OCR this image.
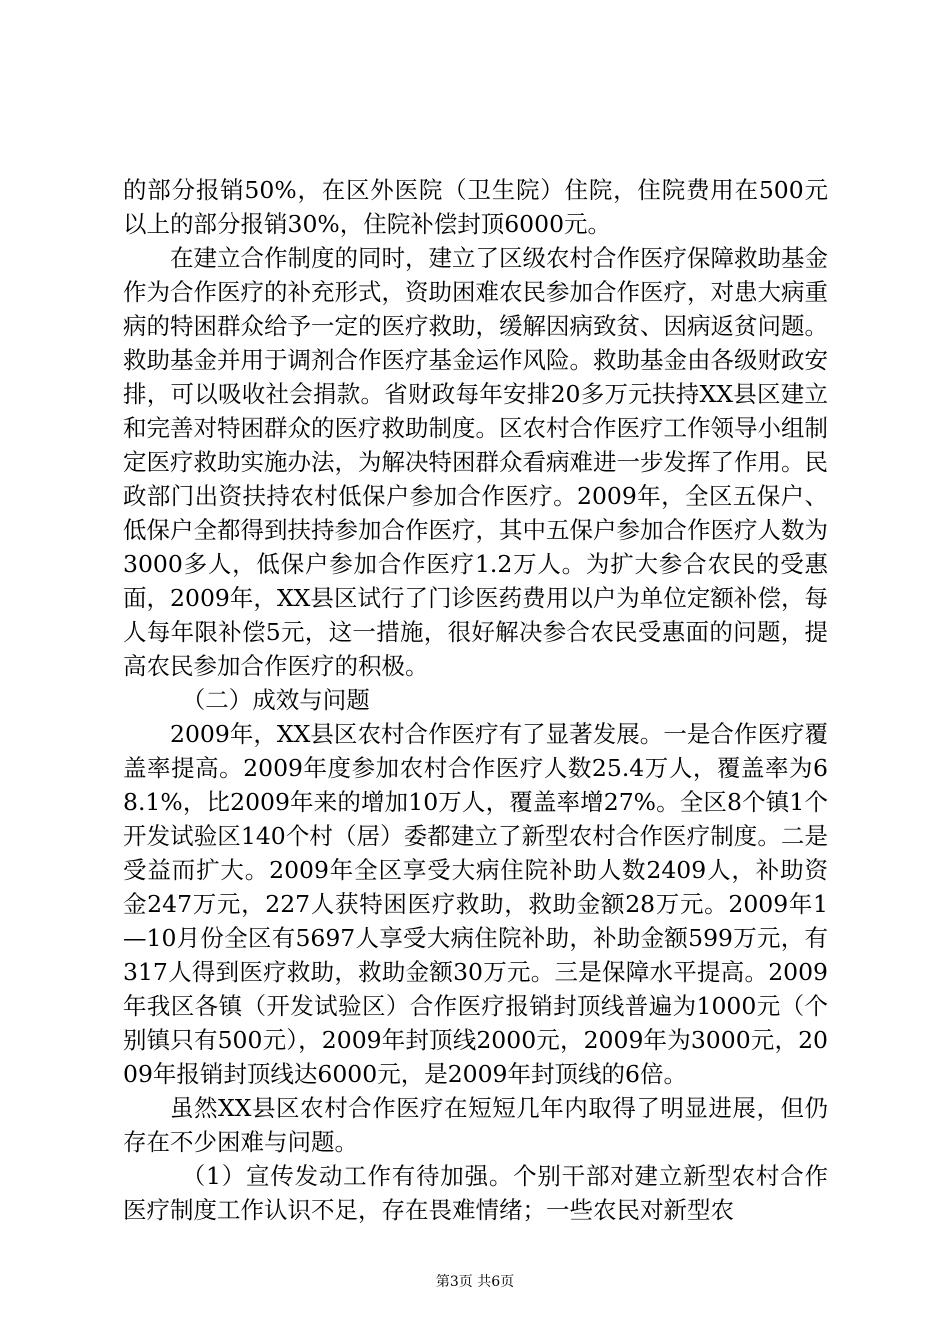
的部分报销50%，在区外医院（卫生院）住院，住院费用在500元以上的部分报销30%，住院补偿封顶6000元。

在建立合作制度的同时，建立了区级农村合作医疗保障救助基金作为合作医疗的补充形式，资助困难农民参加合作医疗，对患大病重病的特困群众给予一定的医疗救助，缓解因病致贫、因病返贫问题。救助基金并用于调剂合作医疗基金运作风险。救助基金由各级财政安排，可以吸收社会捐款。省财政每年安排20多万元扶持XX县区建立和完善对特困群众的医疗救助制度。区农村合作医疗工作领导小组制定医疗救助实施办法，为解决特困群众看病难进一步发挥了作用。民政部门出资扶持农村低保户参加合作医疗。2009年，全区五保户、低保户全都得到扶持参加合作医疗，其中五保户参加合作医疗人数为3000多人，低保户参加合作医疗1.2万人。为扩大参合农民的受惠面，2009年，XX县区试行了门诊医药费用以户为单位定额补偿，每人每年限补偿5元，这一措施，很好解决参合农民受惠面的问题，提高农民参加合作医疗的积极。

（二）成效与问题

2009年，XX县区农村合作医疗有了显著发展。一是合作医疗覆盖率提高。2009年度参加农村合作医疗人数25.4万人，覆盖率为68.1%，比2009年来的增加10万人，覆盖率增27%。全区8个镇1个开发试验区140个村（居）委都建立了新型农村合作医疗制度。二是受益而扩大。2009年全区享受大病住院补助人数2409人，补助资金247万元，227人获特困医疗救助，救助金额28万元。2009年1—10月份全区有5697人享受大病住院补助，补助金额599万元，有317人得到医疗救助，救助金额30万元。三是保障水平提高。2009年我区各镇（开发试验区）合作医疗报销封顶线普遍为1000元（个别镇只有500元），2009年封顶线2000元，2009年为3000元，2009年报销封顶线达6000元，是2009年封顶线的6倍。

虽然XX县区农村合作医疗在短短几年内取得了明显进展，但仍存在不少困难与问题。

（1）宣传发动工作有待加强。个别干部对建立新型农村合作医疗制度工作认识不足，存在畏难情绪；一些农民对新型农

第3页 共6页
